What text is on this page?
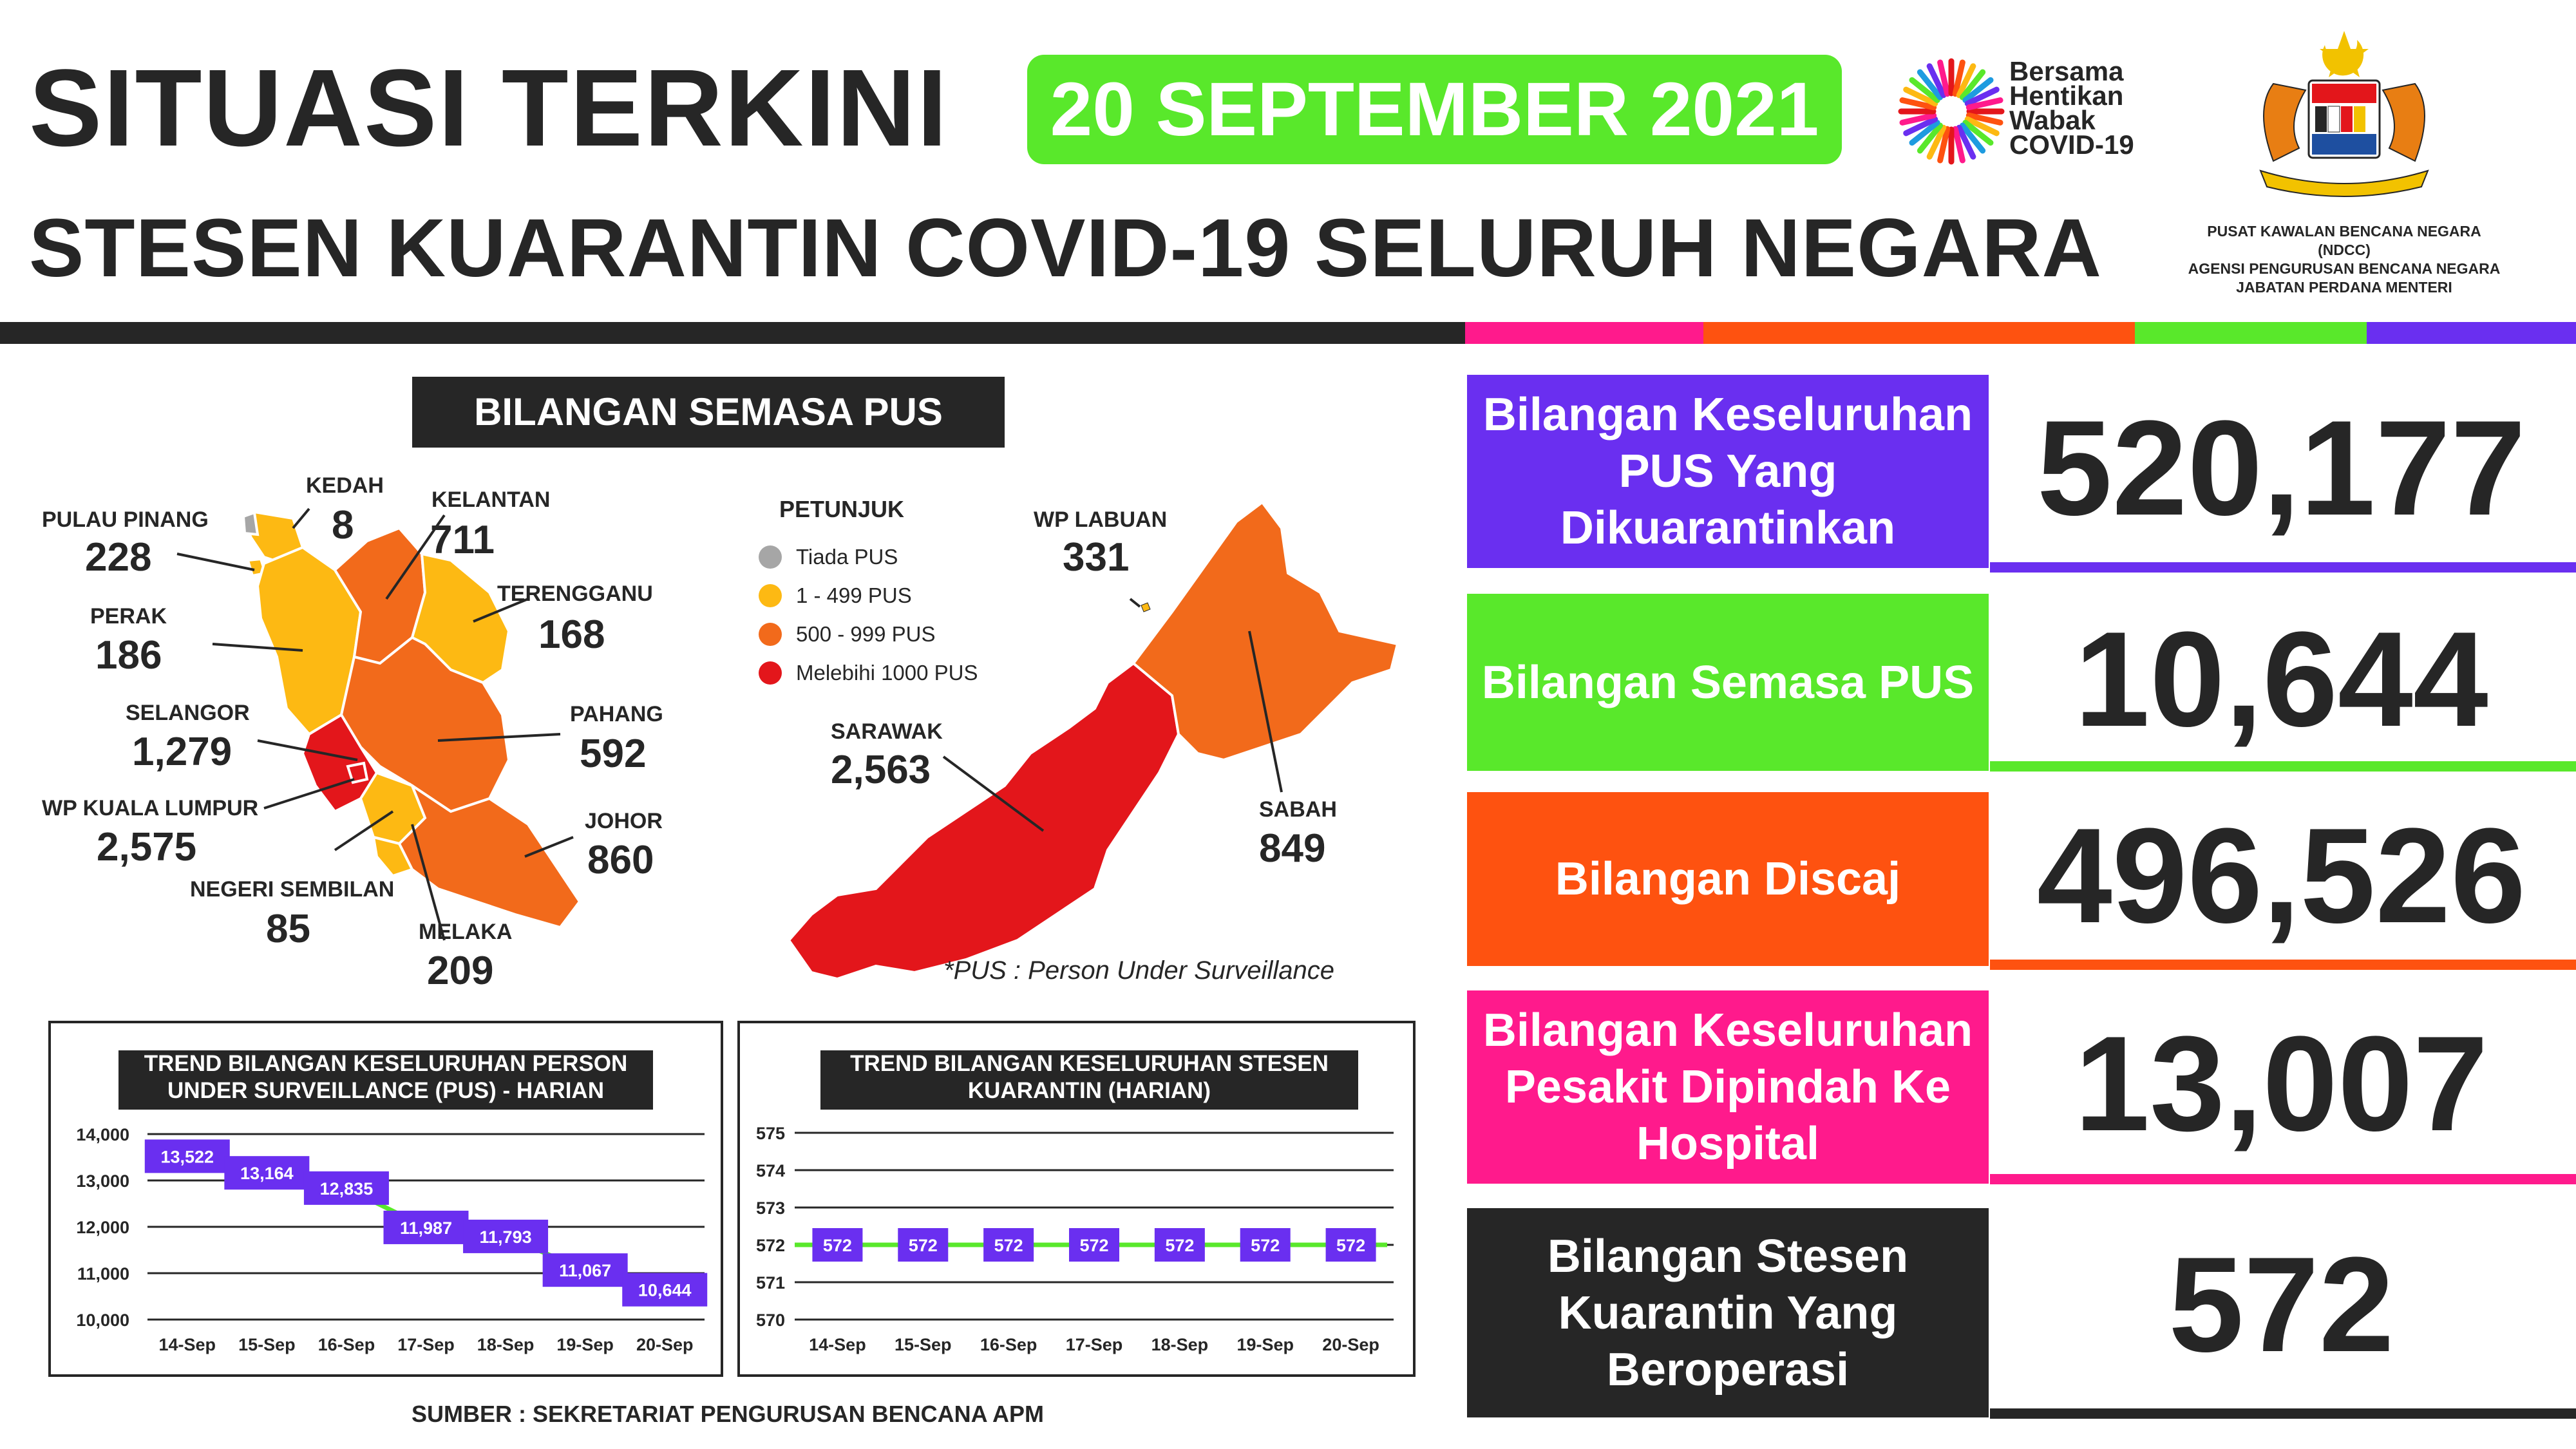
SITUASI TERKINI	20 SEPTEMBER 2021
STESEN KUARANTIN COVID-19 SELURUH NEGARA
Bersama
Hentikan
Wabak
COVID-19
PUSAT KAWALAN BENCANA NEGARA (NDCC)
AGENSI PENGURUSAN BENCANA NEGARA
JABATAN PERDANA MENTERI
BILANGAN SEMASA PUS
PULAU PINANG
228
KEDAH
8
KELANTAN
711
TERENGGANU
168
PERAK
186
PAHANG
592
SELANGOR
1,279
WP KUALA LUMPUR
2,575
JOHOR
860
NEGERI SEMBILAN
85	MELAKA
209
WP LABUAN
331
SARAWAK
2,563
SABAH
849
PETUNJUK
Tiada PUS
1 - 499 PUS
500 - 999 PUS
Melebihi 1000 PUS
*PUS : Person Under Surveillance
TREND BILANGAN KESELURUHAN PERSON
UNDER SURVEILLANCE (PUS) - HARIAN
10,000
11,000
12,000
13,000
14,000
13,522
14-Sep
13,164
15-Sep
12,835
16-Sep
11,987
17-Sep
11,793
18-Sep
11,067
19-Sep
10,644
20-Sep
TREND BILANGAN KESELURUHAN STESEN
KUARANTIN (HARIAN)
570
571
572
573
574
575
572
14-Sep
572
15-Sep
572
16-Sep
572
17-Sep
572
18-Sep
572
19-Sep
572
20-Sep
SUMBER : SEKRETARIAT PENGURUSAN BENCANA APM
Bilangan Keseluruhan PUS Yang Dikuarantinkan	520,177
Bilangan Semasa PUS 10,644
Bilangan Discaj	496,526
Bilangan Keseluruhan Pesakit Dipindah Ke Hospital	13,007
Bilangan Stesen Kuarantin Yang Beroperasi	572
